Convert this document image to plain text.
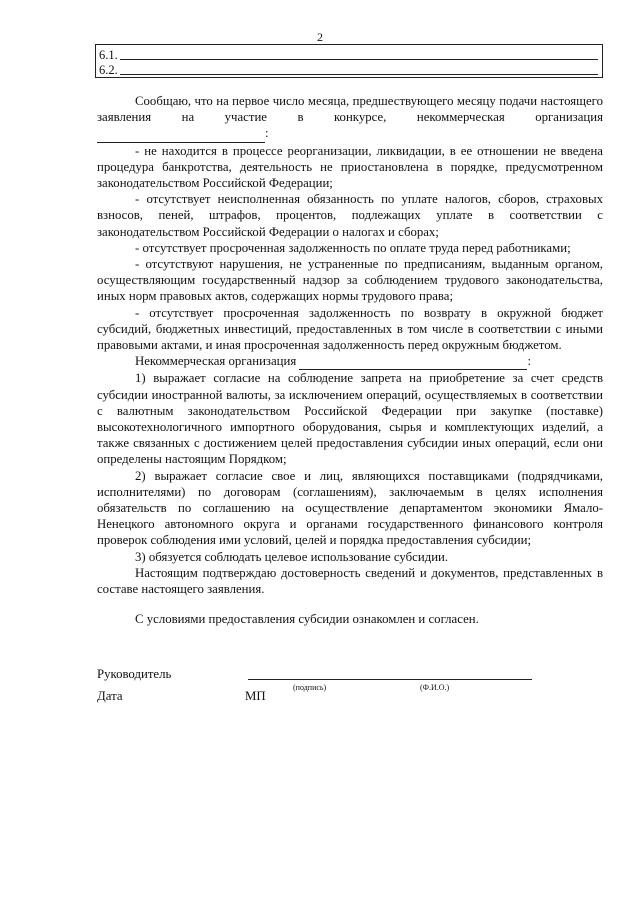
2
6.1.
6.2.

Сообщаю, что на первое число месяца, предшествующего месяцу подачи настоящего заявления на участие в конкурсе, некоммерческая организация  :

- не находится в процессе реорганизации, ликвидации, в ее отношении не введена процедура банкротства, деятельность не приостановлена в порядке, предусмотренном законодательством Российской Федерации;

- отсутствует неисполненная обязанность по уплате налогов, сборов, страховых взносов, пеней, штрафов, процентов, подлежащих уплате в соответствии с законодательством Российской Федерации о налогах и сборах;

- отсутствует просроченная задолженность по оплате труда перед работниками;

- отсутствуют нарушения, не устраненные по предписаниям, выданным органом, осуществляющим государственный надзор за соблюдением трудового законодательства, иных норм правовых актов, содержащих нормы трудового права;

- отсутствует просроченная задолженность по возврату в окружной бюджет субсидий, бюджетных инвестиций, предоставленных в том числе в соответствии с иными правовыми актами, и иная просроченная задолженность перед окружным бюджетом.

Некоммерческая организация	:

1) выражает согласие на соблюдение запрета на приобретение за счет средств субсидии иностранной валюты, за исключением операций, осуществляемых в соответствии с валютным законодательством Российской Федерации при закупке (поставке) высокотехнологичного импортного оборудования, сырья и комплектующих изделий, а также связанных с достижением целей предоставления субсидии иных операций, если они определены настоящим Порядком;

2) выражает согласие свое и лиц, являющихся поставщиками (подрядчиками, исполнителями) по договорам (соглашениям), заключаемым в целях исполнения обязательств по соглашению на осуществление департаментом экономики Ямало-Ненецкого автономного округа и органами государственного финансового контроля проверок соблюдения ими условий, целей и порядка предоставления субсидии;

3) обязуется соблюдать целевое использование субсидии.

Настоящим подтверждаю достоверность сведений и документов, представленных в составе настоящего заявления.

С условиями предоставления субсидии ознакомлен и согласен.

Руководитель
(подпись)	(Ф.И.О.)
Дата	МП
